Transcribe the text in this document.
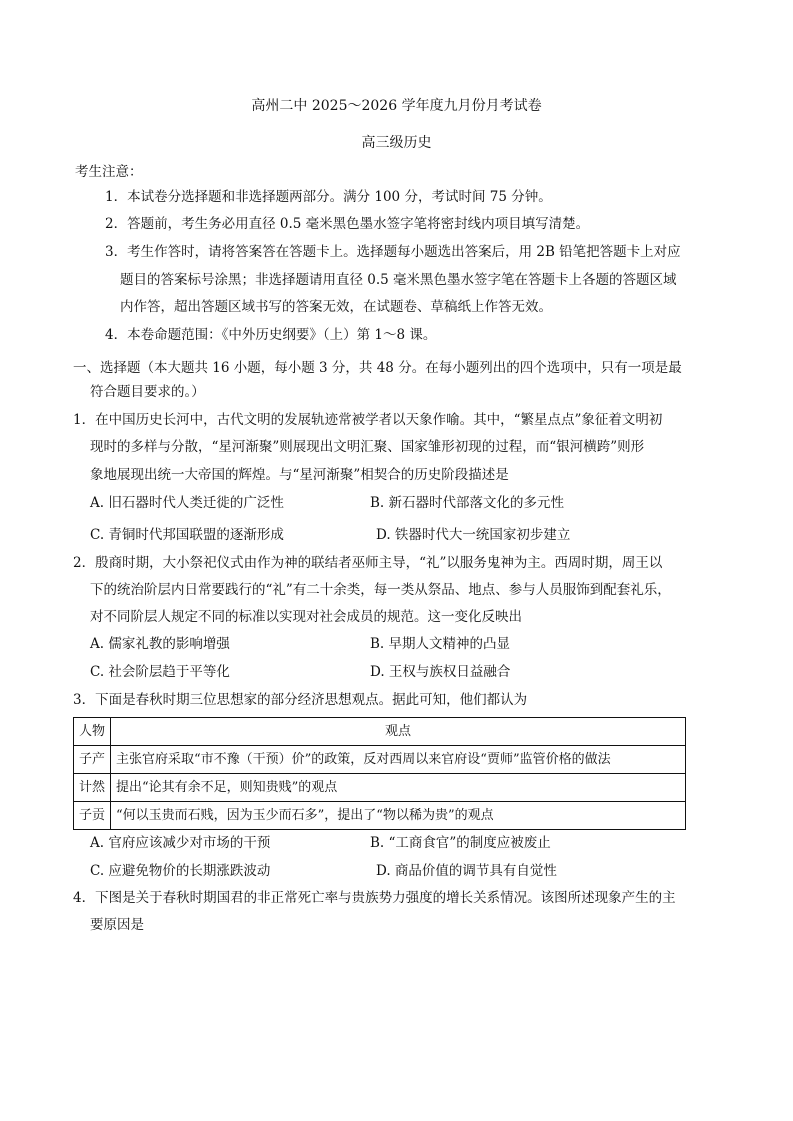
高州二中 2025～2026 学年度九月份月考试卷
高三级历史
考生注意：
1．本试卷分选择题和非选择题两部分。满分 100 分，考试时间 75 分钟。
2．答题前，考生务必用直径 0.5 毫米黑色墨水签字笔将密封线内项目填写清楚。
3．考生作答时，请将答案答在答题卡上。选择题每小题选出答案后，用 2B 铅笔把答题卡上对应
题目的答案标号涂黑；非选择题请用直径 0.5 毫米黑色墨水签字笔在答题卡上各题的答题区域
内作答，超出答题区域书写的答案无效，在试题卷、草稿纸上作答无效。
4．本卷命题范围：《中外历史纲要》（上）第 1～8 课。
一、选择题（本大题共 16 小题，每小题 3 分，共 48 分。在每小题列出的四个选项中，只有一项是最
符合题目要求的。）
1．在中国历史长河中，古代文明的发展轨迹常被学者以天象作喻。其中，“繁星点点”象征着文明初
现时的多样与分散，“星河渐聚”则展现出文明汇聚、国家雏形初现的过程，而“银河横跨”则形
象地展现出统一大帝国的辉煌。与“星河渐聚”相契合的历史阶段描述是
A. 旧石器时代人类迁徙的广泛性	B. 新石器时代部落文化的多元性
C. 青铜时代邦国联盟的逐渐形成	D. 铁器时代大一统国家初步建立
2．殷商时期，大小祭祀仪式由作为神的联结者巫师主导，“礼”以服务鬼神为主。西周时期，周王以
下的统治阶层内日常要践行的“礼”有二十余类，每一类从祭品、地点、参与人员服饰到配套礼乐，
对不同阶层人规定不同的标准以实现对社会成员的规范。这一变化反映出
A. 儒家礼教的影响增强	B. 早期人文精神的凸显
C. 社会阶层趋于平等化	D. 王权与族权日益融合
3．下面是春秋时期三位思想家的部分经济思想观点。据此可知，他们都认为
人物	观点
子产	主张官府采取“市不豫（干预）价”的政策，反对西周以来官府设“贾师”监管价格的做法
计然	提出“论其有余不足，则知贵贱”的观点
子贡	“何以玉贵而石贱，因为玉少而石多”，提出了“物以稀为贵”的观点
A. 官府应该减少对市场的干预	B. “工商食官”的制度应被废止
C. 应避免物价的长期涨跌波动	D. 商品价值的调节具有自觉性
4．下图是关于春秋时期国君的非正常死亡率与贵族势力强度的增长关系情况。该图所述现象产生的主
要原因是
